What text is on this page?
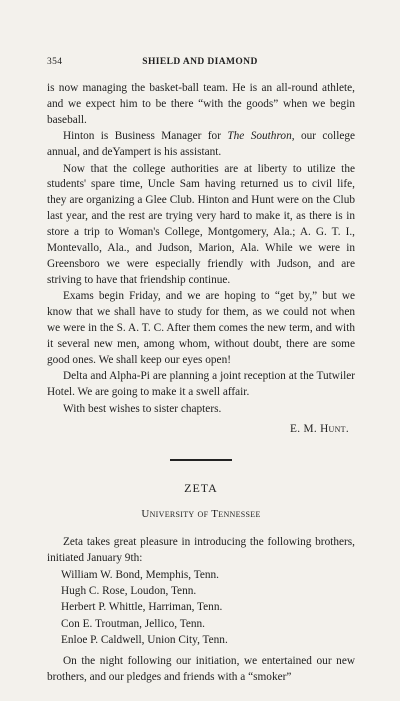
354	SHIELD AND DIAMOND

is now managing the basket-ball team. He is an all-round athlete, and we expect him to be there “with the goods” when we begin baseball.

Hinton is Business Manager for The Southron, our college annual, and deYampert is his assistant.

Now that the college authorities are at liberty to utilize the students' spare time, Uncle Sam having returned us to civil life, they are organizing a Glee Club. Hinton and Hunt were on the Club last year, and the rest are trying very hard to make it, as there is in store a trip to Woman's College, Montgomery, Ala.; A. G. T. I., Montevallo, Ala., and Judson, Marion, Ala. While we were in Greensboro we were especially friendly with Judson, and are striving to have that friendship continue.

Exams begin Friday, and we are hoping to “get by,” but we know that we shall have to study for them, as we could not when we were in the S. A. T. C. After them comes the new term, and with it several new men, among whom, without doubt, there are some good ones. We shall keep our eyes open!

Delta and Alpha-Pi are planning a joint reception at the Tutwiler Hotel. We are going to make it a swell affair.

With best wishes to sister chapters.

E. M. Hunt.
ZETA
University of Tennessee

Zeta takes great pleasure in introducing the following brothers, initiated January 9th:

William W. Bond, Memphis, Tenn.
Hugh C. Rose, Loudon, Tenn.
Herbert P. Whittle, Harriman, Tenn.
Con E. Troutman, Jellico, Tenn.
Enloe P. Caldwell, Union City, Tenn.

On the night following our initiation, we entertained our new brothers, and our pledges and friends with a “smoker”
